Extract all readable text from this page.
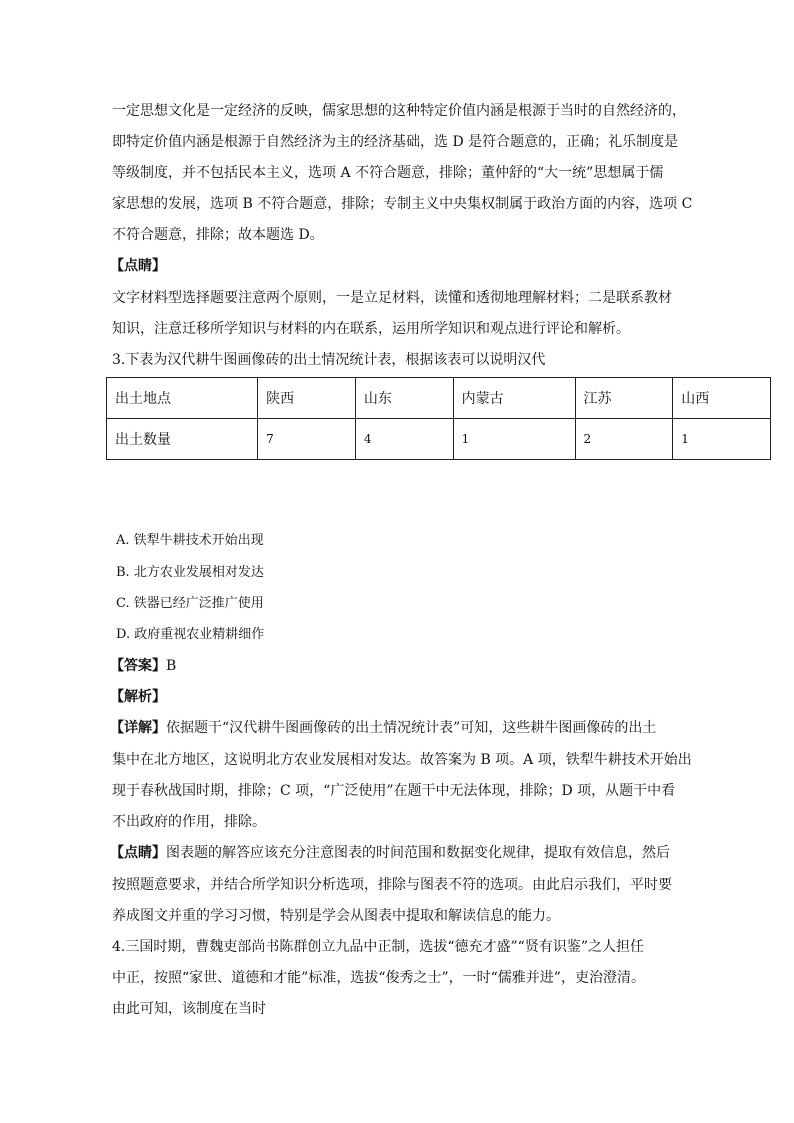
一定思想文化是一定经济的反映，儒家思想的这种特定价值内涵是根源于当时的自然经济的，
即特定价值内涵是根源于自然经济为主的经济基础，选 D 是符合题意的，正确；礼乐制度是
等级制度，并不包括民本主义，选项 A 不符合题意，排除；董仲舒的“大一统”思想属于儒
家思想的发展，选项 B 不符合题意，排除；专制主义中央集权制属于政治方面的内容，选项 C
不符合题意，排除；故本题选 D。
【点睛】
文字材料型选择题要注意两个原则，一是立足材料，读懂和透彻地理解材料；二是联系教材
知识，注意迁移所学知识与材料的内在联系，运用所学知识和观点进行评论和解析。
3.下表为汉代耕牛图画像砖的出土情况统计表，根据该表可以说明汉代
出土地点	陕西	山东	内蒙古	江苏	山西
出土数量	7	4	1	2	1
A. 铁犁牛耕技术开始出现
B. 北方农业发展相对发达
C. 铁器已经广泛推广使用
D. 政府重视农业精耕细作
【答案】B
【解析】
【详解】依据题干“汉代耕牛图画像砖的出土情况统计表”可知，这些耕牛图画像砖的出土
集中在北方地区，这说明北方农业发展相对发达。故答案为 B 项。A 项，铁犁牛耕技术开始出
现于春秋战国时期，排除；C 项，“广泛使用”在题干中无法体现，排除；D 项，从题干中看
不出政府的作用，排除。
【点睛】图表题的解答应该充分注意图表的时间范围和数据变化规律，提取有效信息，然后
按照题意要求，并结合所学知识分析选项，排除与图表不符的选项。由此启示我们，平时要
养成图文并重的学习习惯，特别是学会从图表中提取和解读信息的能力。
4.三国时期，曹魏吏部尚书陈群创立九品中正制，选拔“德充才盛”“贤有识鉴”之人担任
中正，按照“家世、道德和才能”标准，选拔“俊秀之士”，一时“儒雅并进”，吏治澄清。
由此可知，该制度在当时
